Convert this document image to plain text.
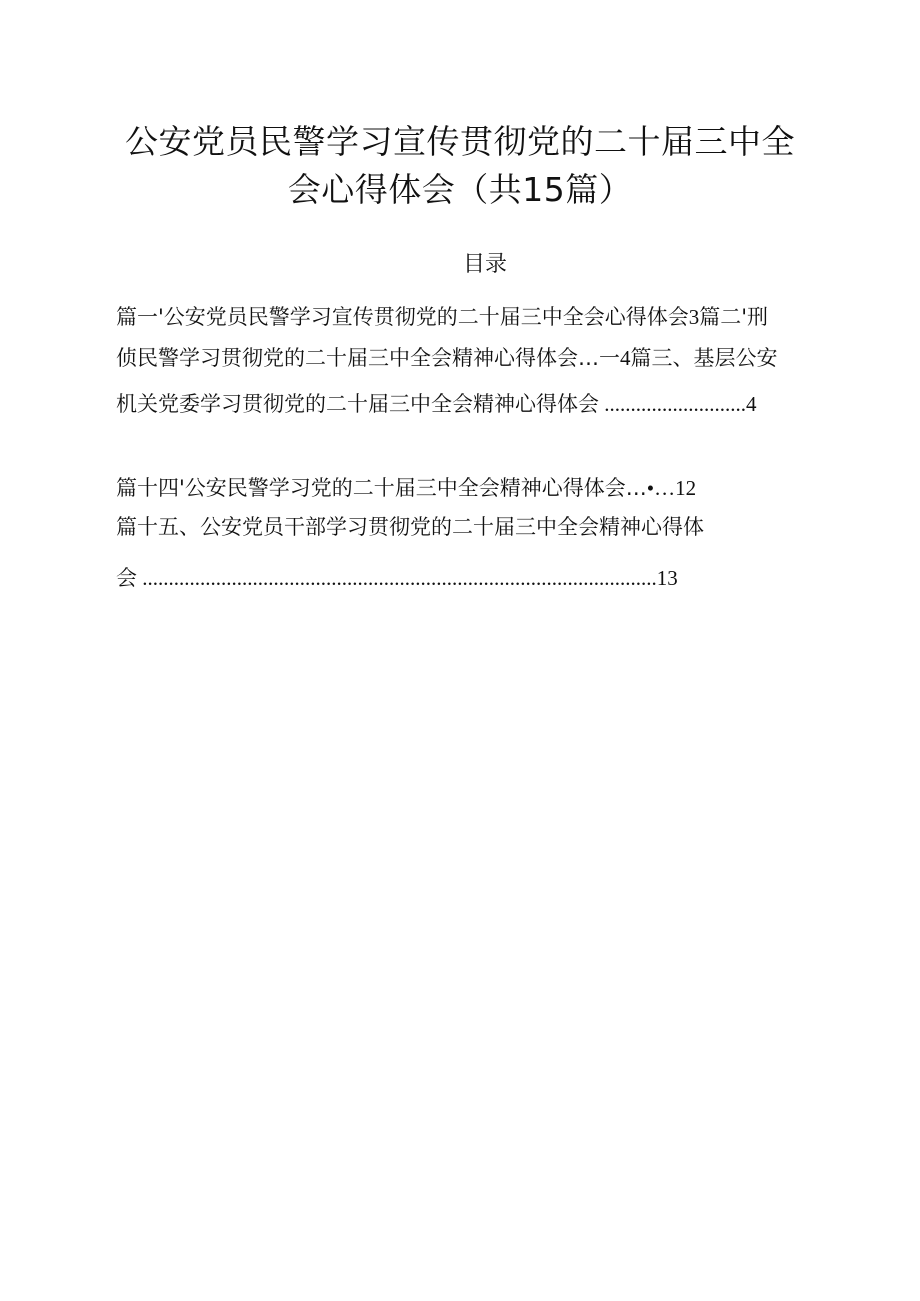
公安党员民警学习宣传贯彻党的二十届三中全
会心得体会（共15篇）
目录
篇一'公安党员民警学习宣传贯彻党的二十届三中全会心得体会3篇二'刑
侦民警学习贯彻党的二十届三中全会精神心得体会…一4篇三、基层公安
机关党委学习贯彻党的二十届三中全会精神心得体会 ...........................4
篇十四'公安民警学习党的二十届三中全会精神心得体会…•…12
篇十五、公安党员干部学习贯彻党的二十届三中全会精神心得体
会 ..................................................................................................13
